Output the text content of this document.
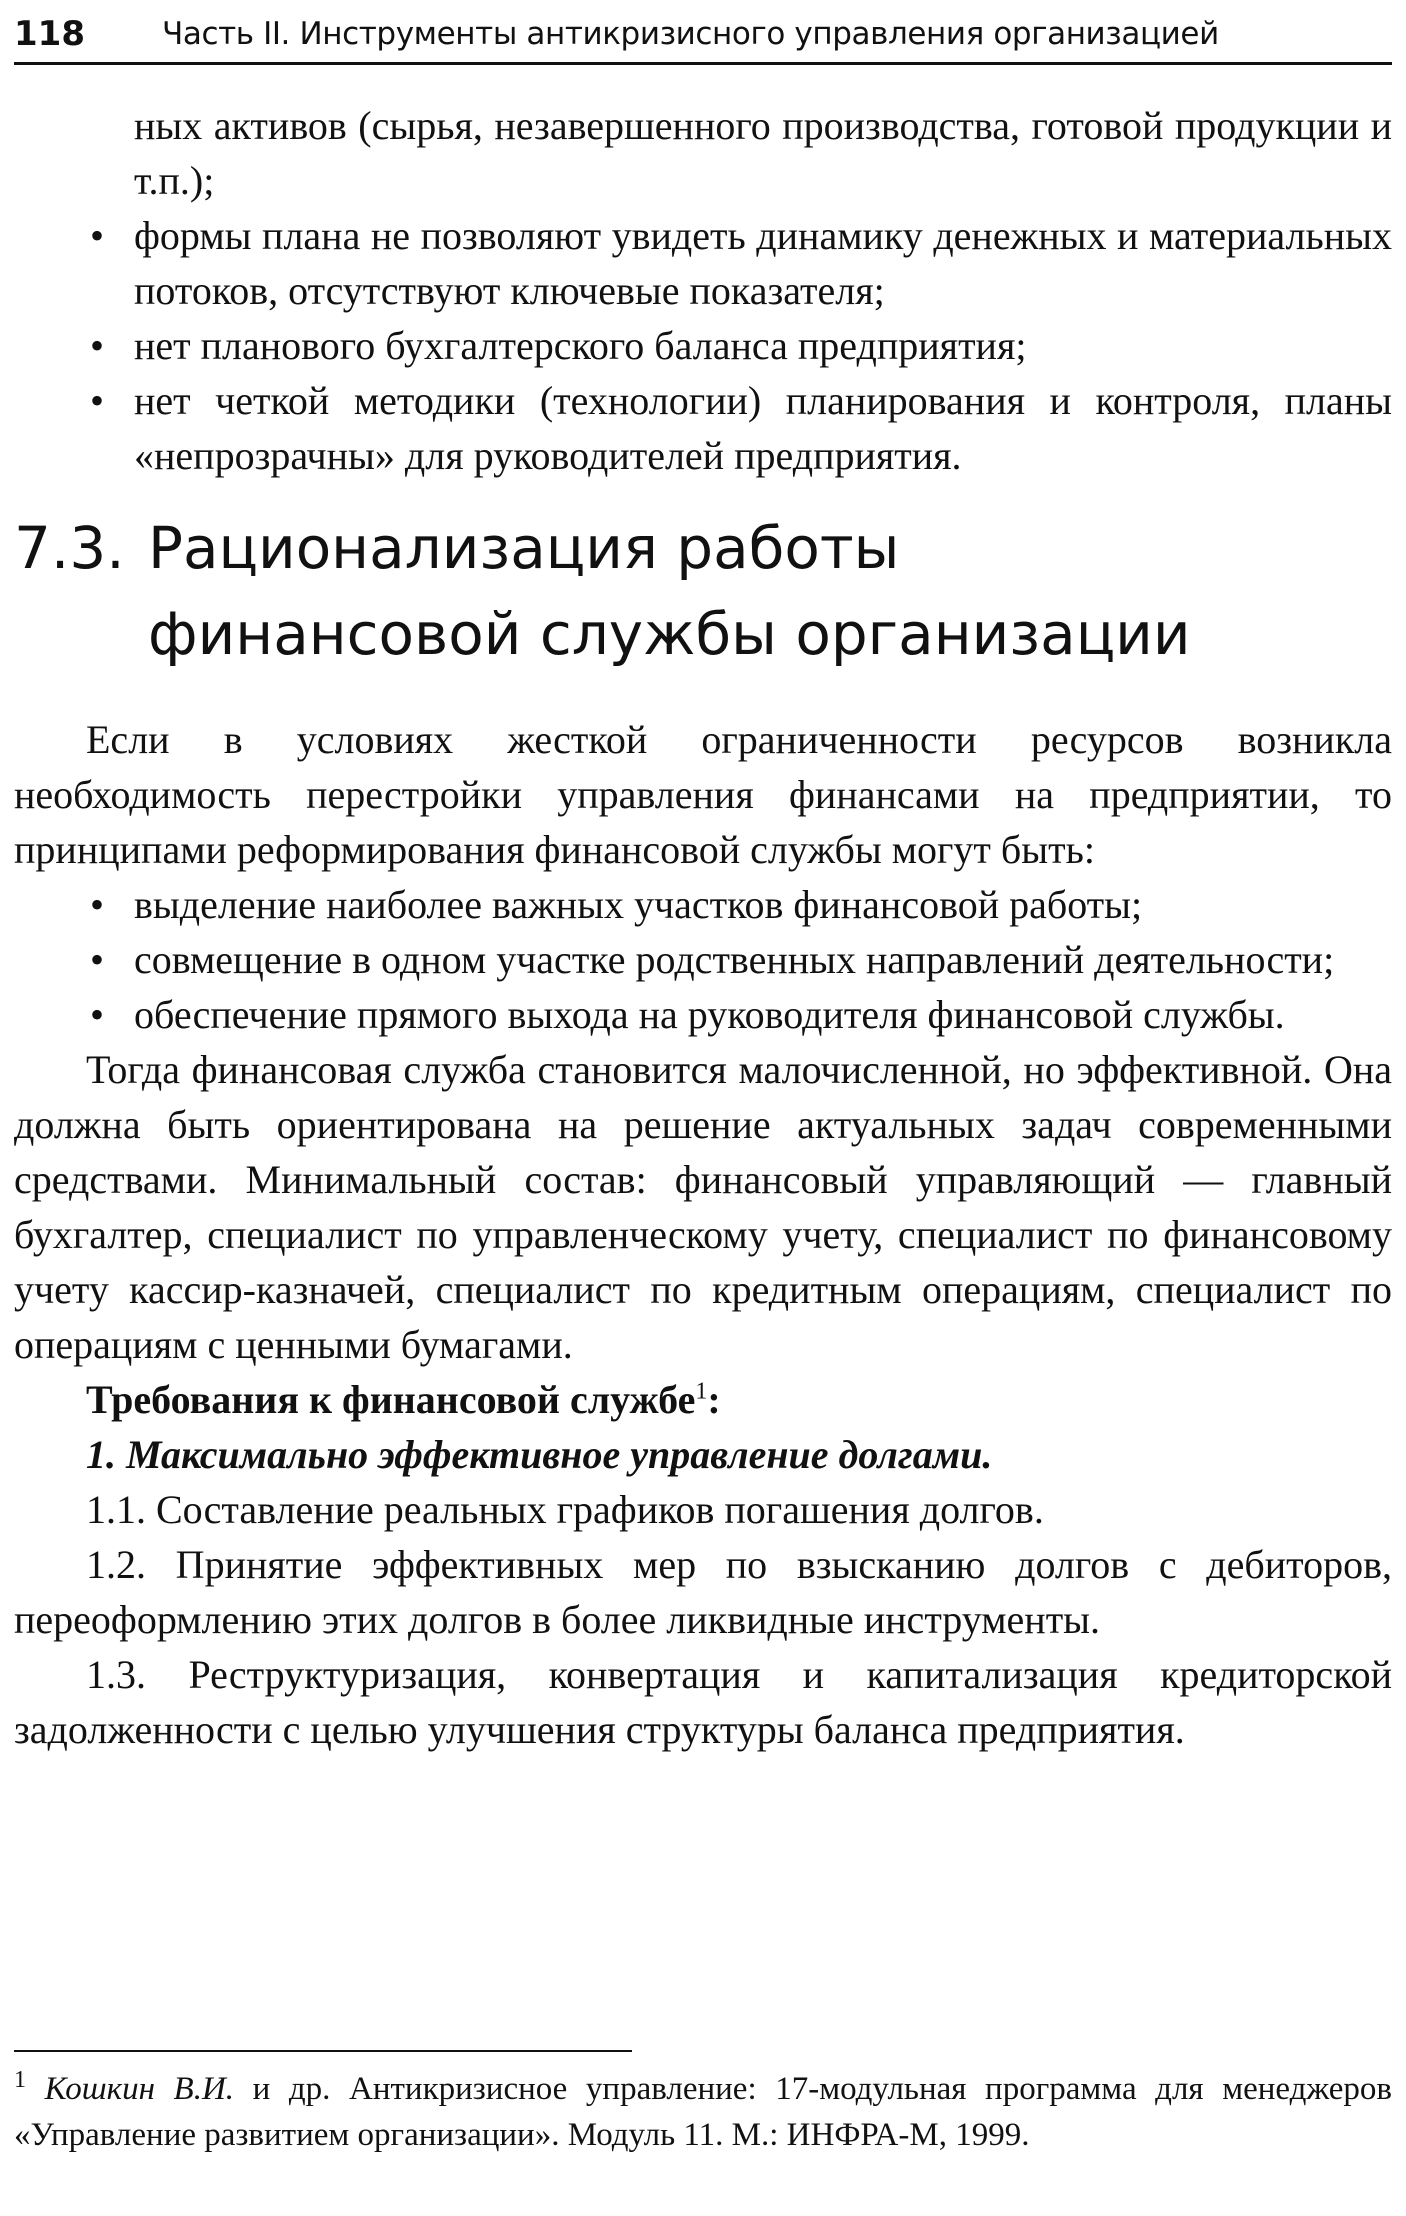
118 Часть II. Инструменты антикризисного управления организацией
ных активов (сырья, незавершенного производства, готовой продукции и т.п.);
• формы плана не позволяют увидеть динамику денежных и материальных потоков, отсутствуют ключевые показателя;
• нет планового бухгалтерского баланса предприятия;
• нет четкой методики (технологии) планирования и контроля, планы «непрозрачны» для руководителей предприятия.
7.3. Рационализация работы
финансовой службы организации

Если в условиях жесткой ограниченности ресурсов возникла необходимость перестройки управления финансами на предприятии, то принципами реформирования финансовой службы могут быть:

• выделение наиболее важных участков финансовой работы;
• совмещение в одном участке родственных направлений деятельности;
• обеспечение прямого выхода на руководителя финансовой службы.

Тогда финансовая служба становится малочисленной, но эффективной. Она должна быть ориентирована на решение актуальных задач современными средствами. Минимальный состав: финансовый управляющий — главный бухгалтер, специалист по управленческому учету, специалист по финансовому учету кассир-казначей, специалист по кредитным операциям, специалист по операциям с ценными бумагами.

Требования к финансовой службе$^1$:

1. Максимально эффективное управление долгами.

1.1. Составление реальных графиков погашения долгов.

1.2. Принятие эффективных мер по взысканию долгов с дебиторов, переоформлению этих долгов в более ликвидные инструменты.

1.3. Реструктуризация, конвертация и капитализация кредиторской задолженности с целью улучшения структуры баланса предприятия.

$^1$ Кошкин В.И. и др. Антикризисное управление: 17-модульная программа для менеджеров «Управление развитием организации». Модуль 11. М.: ИНФРА-М, 1999.
